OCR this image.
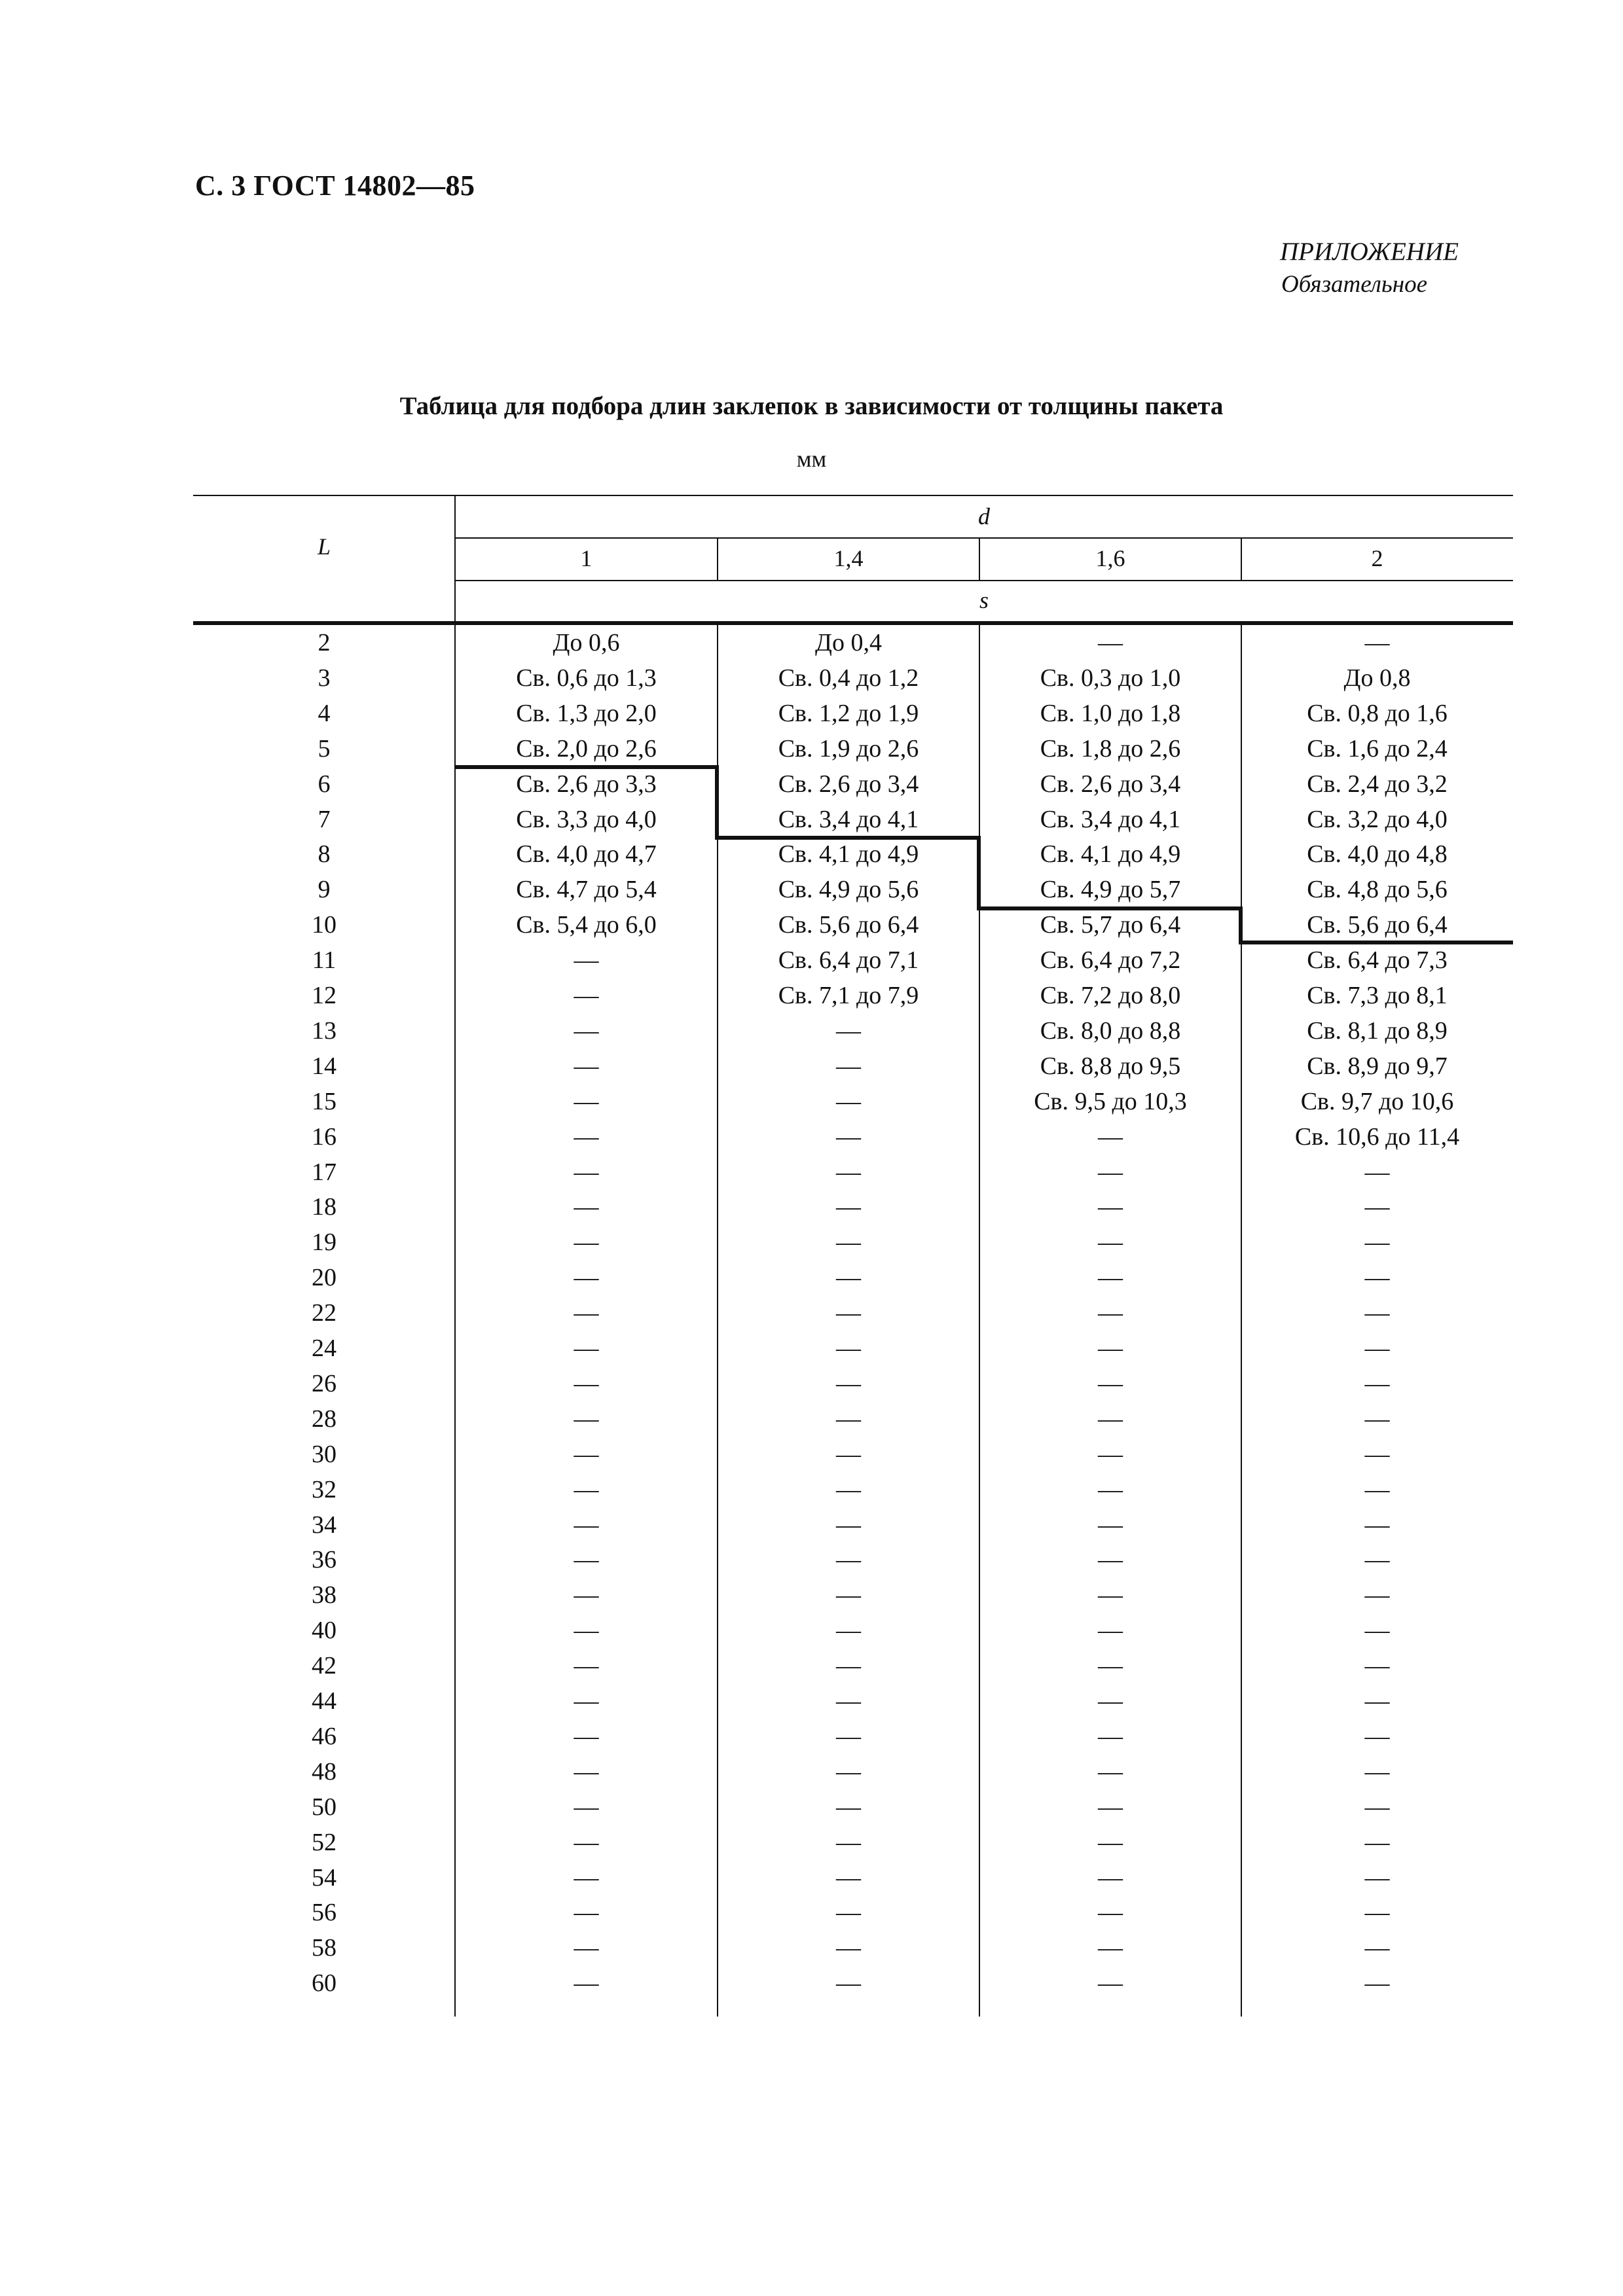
С. 3 ГОСТ 14802—85
ПРИЛОЖЕНИЕ
Обязательное
Таблица для подбора длин заклепок в зависимости от толщины пакета
мм
L
d
1	1,4	1,6	2
s
2	До 0,6	До 0,4	—	—
3	Св. 0,6 до 1,3	Св. 0,4 до 1,2	Св. 0,3 до 1,0	До 0,8
4	Св. 1,3 до 2,0	Св. 1,2 до 1,9	Св. 1,0 до 1,8	Св. 0,8 до 1,6
5	Св. 2,0 до 2,6	Св. 1,9 до 2,6	Св. 1,8 до 2,6	Св. 1,6 до 2,4
6	Св. 2,6 до 3,3	Св. 2,6 до 3,4	Св. 2,6 до 3,4	Св. 2,4 до 3,2
7	Св. 3,3 до 4,0	Св. 3,4 до 4,1	Св. 3,4 до 4,1	Св. 3,2 до 4,0
8	Св. 4,0 до 4,7	Св. 4,1 до 4,9	Св. 4,1 до 4,9	Св. 4,0 до 4,8
9	Св. 4,7 до 5,4	Св. 4,9 до 5,6	Св. 4,9 до 5,7	Св. 4,8 до 5,6
10	Св. 5,4 до 6,0	Св. 5,6 до 6,4	Св. 5,7 до 6,4	Св. 5,6 до 6,4
11	—	Св. 6,4 до 7,1	Св. 6,4 до 7,2	Св. 6,4 до 7,3
12	—	Св. 7,1 до 7,9	Св. 7,2 до 8,0	Св. 7,3 до 8,1
13	—	—	Св. 8,0 до 8,8	Св. 8,1 до 8,9
14	—	—	Св. 8,8 до 9,5	Св. 8,9 до 9,7
15	—	—	Св. 9,5 до 10,3	Св. 9,7 до 10,6
16	—	—	—	Св. 10,6 до 11,4
17	—	—	—	—
18	—	—	—	—
19	—	—	—	—
20	—	—	—	—
22	—	—	—	—
24	—	—	—	—
26	—	—	—	—
28	—	—	—	—
30	—	—	—	—
32	—	—	—	—
34	—	—	—	—
36	—	—	—	—
38	—	—	—	—
40	—	—	—	—
42	—	—	—	—
44	—	—	—	—
46	—	—	—	—
48	—	—	—	—
50	—	—	—	—
52	—	—	—	—
54	—	—	—	—
56	—	—	—	—
58	—	—	—	—
60	—	—	—	—
